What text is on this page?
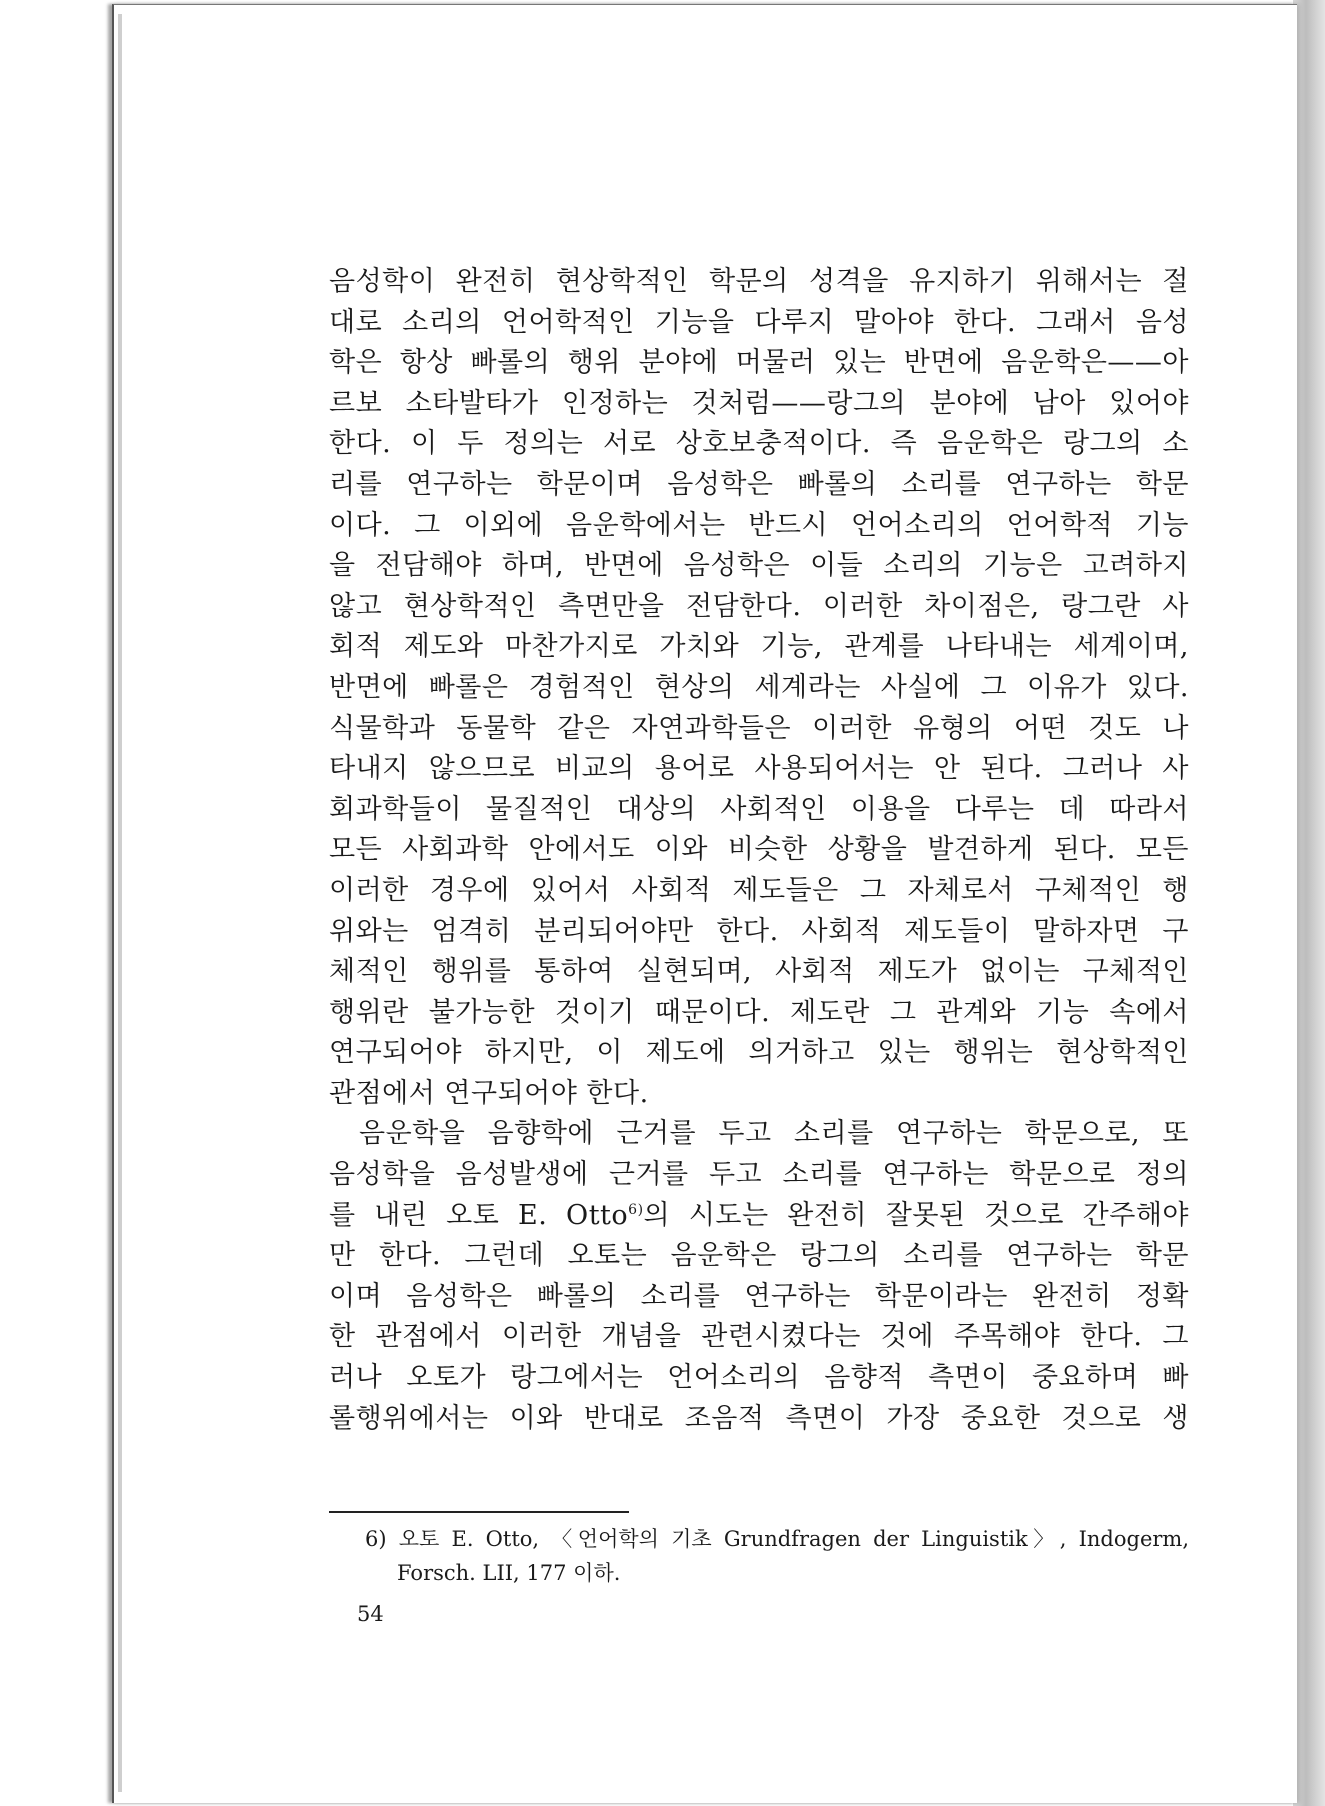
음성학이 완전히 현상학적인 학문의 성격을 유지하기 위해서는 절
대로 소리의 언어학적인 기능을 다루지 말아야 한다. 그래서 음성
학은 항상 빠롤의 행위 분야에 머물러 있는 반면에 음운학은——아
르보 소타발타가 인정하는 것처럼——랑그의 분야에 남아 있어야
한다. 이 두 정의는 서로 상호보충적이다. 즉 음운학은 랑그의 소
리를 연구하는 학문이며 음성학은 빠롤의 소리를 연구하는 학문
이다. 그 이외에 음운학에서는 반드시 언어소리의 언어학적 기능
을 전담해야 하며, 반면에 음성학은 이들 소리의 기능은 고려하지
않고 현상학적인 측면만을 전담한다. 이러한 차이점은, 랑그란 사
회적 제도와 마찬가지로 가치와 기능, 관계를 나타내는 세계이며,
반면에 빠롤은 경험적인 현상의 세계라는 사실에 그 이유가 있다.
식물학과 동물학 같은 자연과학들은 이러한 유형의 어떤 것도 나
타내지 않으므로 비교의 용어로 사용되어서는 안 된다. 그러나 사
회과학들이 물질적인 대상의 사회적인 이용을 다루는 데 따라서
모든 사회과학 안에서도 이와 비슷한 상황을 발견하게 된다. 모든
이러한 경우에 있어서 사회적 제도들은 그 자체로서 구체적인 행
위와는 엄격히 분리되어야만 한다. 사회적 제도들이 말하자면 구
체적인 행위를 통하여 실현되며, 사회적 제도가 없이는 구체적인
행위란 불가능한 것이기 때문이다. 제도란 그 관계와 기능 속에서
연구되어야 하지만, 이 제도에 의거하고 있는 행위는 현상학적인
관점에서 연구되어야 한다.
음운학을 음향학에 근거를 두고 소리를 연구하는 학문으로, 또
음성학을 음성발생에 근거를 두고 소리를 연구하는 학문으로 정의
를 내린 오토 E. Otto$^{6)}$의 시도는 완전히 잘못된 것으로 간주해야
만 한다. 그런데 오토는 음운학은 랑그의 소리를 연구하는 학문
이며 음성학은 빠롤의 소리를 연구하는 학문이라는 완전히 정확
한 관점에서 이러한 개념을 관련시켰다는 것에 주목해야 한다. 그
러나 오토가 랑그에서는 언어소리의 음향적 측면이 중요하며 빠
롤행위에서는 이와 반대로 조음적 측면이 가장 중요한 것으로 생
6) 오토 E. Otto, 〈언어학의 기초 Grundfragen der Linguistik〉, Indogerm,
Forsch. LII, 177 이하.
54
